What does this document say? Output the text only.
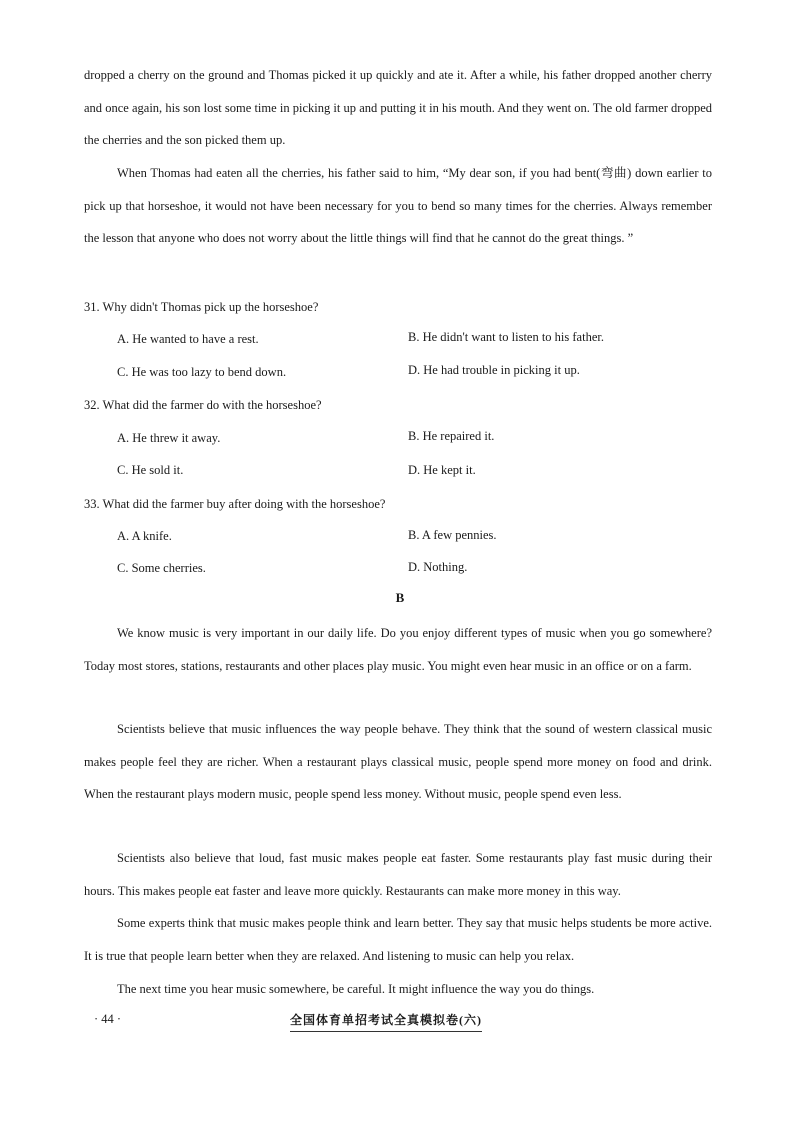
dropped a cherry on the ground and Thomas picked it up quickly and ate it. After a while, his father dropped another cherry and once again, his son lost some time in picking it up and putting it in his mouth. And they went on. The old farmer dropped the cherries and the son picked them up.

When Thomas had eaten all the cherries, his father said to him, “My dear son, if you had bent(弯曲) down earlier to pick up that horseshoe, it would not have been necessary for you to bend so many times for the cherries. Always remember the lesson that anyone who does not worry about the little things will find that he cannot do the great things. ”

31. Why didn't Thomas pick up the horseshoe?
A. He wanted to have a rest.	B. He didn't want to listen to his father.
C. He was too lazy to bend down.	D. He had trouble in picking it up.
32. What did the farmer do with the horseshoe?
A. He threw it away.	B. He repaired it.
C. He sold it.	D. He kept it.
33. What did the farmer buy after doing with the horseshoe?
A. A knife.	B. A few pennies.
C. Some cherries.	D. Nothing.
B

We know music is very important in our daily life. Do you enjoy different types of music when you go somewhere? Today most stores, stations, restaurants and other places play music. You might even hear music in an office or on a farm.

Scientists believe that music influences the way people behave. They think that the sound of western classical music makes people feel they are richer. When a restaurant plays classical music, people spend more money on food and drink. When the restaurant plays modern music, people spend less money. Without music, people spend even less.

Scientists also believe that loud, fast music makes people eat faster. Some restaurants play fast music during their hours. This makes people eat faster and leave more quickly. Restaurants can make more money in this way.

Some experts think that music makes people think and learn better. They say that music helps students be more active. It is true that people learn better when they are relaxed. And listening to music can help you relax.

The next time you hear music somewhere, be careful. It might influence the way you do things.

· 44 ·	全国体育单招考试全真模拟卷(六)
